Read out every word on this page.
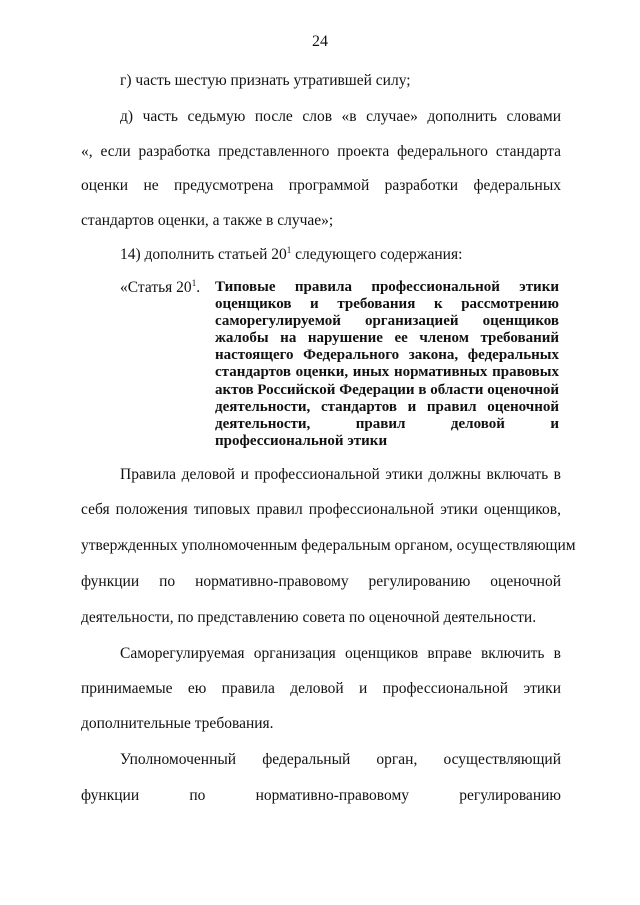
24
г) часть шестую признать утратившей силу;
д) часть седьмую после слов «в случае» дополнить словами
«, если разработка представленного проекта федерального стандарта
оценки не предусмотрена программой разработки федеральных
стандартов оценки, а также в случае»;
14) дополнить статьей $20^1$ следующего содержания:
«Статья $20^1$. Типовые правила профессиональной этики
оценщиков и требования к рассмотрению
саморегулируемой организацией оценщиков
жалобы на нарушение ее членом требований
настоящего Федерального закона, федеральных
стандартов оценки, иных нормативных правовых
актов Российской Федерации в области оценочной
деятельности, стандартов и правил оценочной
деятельности, правил деловой и
профессиональной этики
Правила деловой и профессиональной этики должны включать в
себя положения типовых правил профессиональной этики оценщиков,
утвержденных уполномоченным федеральным органом, осуществляющим
функции по нормативно-правовому регулированию оценочной
деятельности, по представлению совета по оценочной деятельности.
Саморегулируемая организация оценщиков вправе включить в
принимаемые ею правила деловой и профессиональной этики
дополнительные требования.
Уполномоченный федеральный орган, осуществляющий
функции по нормативно-правовому регулированию
